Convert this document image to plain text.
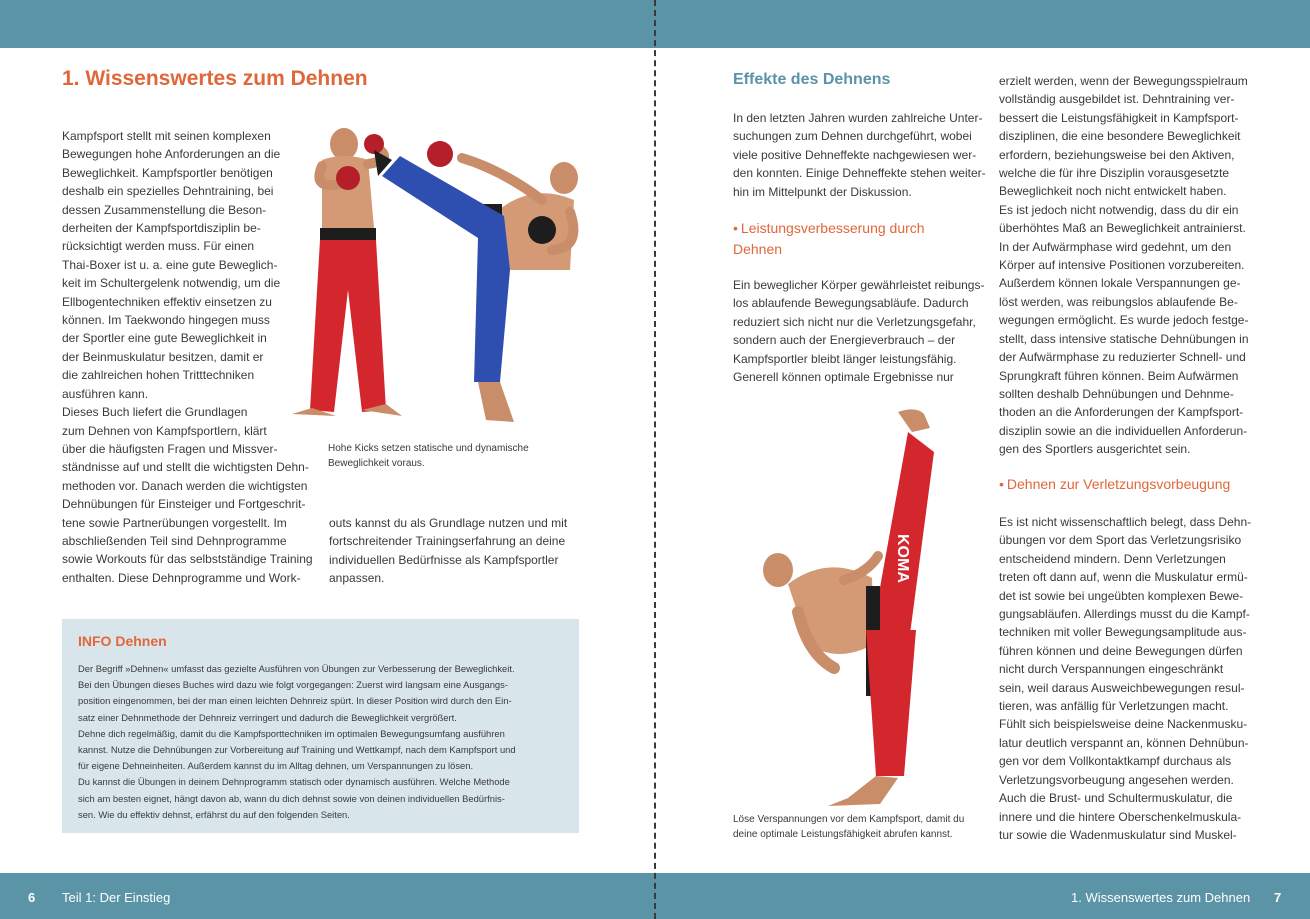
1. Wissenswertes zum Dehnen

Kampfsport stellt mit seinen komplexen

Bewegungen hohe Anforderungen an die

Beweglichkeit. Kampfsportler benötigen

deshalb ein spezielles Dehntraining, bei

dessen Zusammenstellung die Beson-

derheiten der Kampfsportdisziplin be-

rücksichtigt werden muss. Für einen

Thai-Boxer ist u. a. eine gute Beweglich-

keit im Schultergelenk notwendig, um die

Ellbogentechniken effektiv einsetzen zu

können. Im Taekwondo hingegen muss

der Sportler eine gute Beweglichkeit in

der Beinmuskulatur besitzen, damit er

die zahlreichen hohen Tritttechniken

ausführen kann.

Dieses Buch liefert die Grundlagen

zum Dehnen von Kampfsportlern, klärt

über die häufigsten Fragen und Missver-

ständnisse auf und stellt die wichtigsten Dehn-

methoden vor. Danach werden die wichtigsten

Dehnübungen für Einsteiger und Fortgeschrit-

tene sowie Partnerübungen vorgestellt. Im

abschließenden Teil sind Dehnprogramme

sowie Workouts für das selbstständige Training

enthalten. Diese Dehnprogramme und Work-

Hohe Kicks setzen statische und dynamische

Beweglichkeit voraus.

outs kannst du als Grundlage nutzen und mit

fortschreitender Trainingserfahrung an deine

individuellen Bedürfnisse als Kampfsportler

anpassen.

INFO Dehnen

Der Begriff »Dehnen« umfasst das gezielte Ausführen von Übungen zur Verbesserung der Beweglichkeit.

Bei den Übungen dieses Buches wird dazu wie folgt vorgegangen: Zuerst wird langsam eine Ausgangs-

position eingenommen, bei der man einen leichten Dehnreiz spürt. In dieser Position wird durch den Ein-

satz einer Dehnmethode der Dehnreiz verringert und dadurch die Beweglichkeit vergrößert.

Dehne dich regelmäßig, damit du die Kampfsporttechniken im optimalen Bewegungsumfang ausführen

kannst. Nutze die Dehnübungen zur Vorbereitung auf Training und Wettkampf, nach dem Kampfsport und

für eigene Dehneinheiten. Außerdem kannst du im Alltag dehnen, um Verspannungen zu lösen.

Du kannst die Übungen in deinem Dehnprogramm statisch oder dynamisch ausführen. Welche Methode

sich am besten eignet, hängt davon ab, wann du dich dehnst sowie von deinen individuellen Bedürfnis-

sen. Wie du effektiv dehnst, erfährst du auf den folgenden Seiten.

6 Teil 1: Der Einstieg
Effekte des Dehnens

In den letzten Jahren wurden zahlreiche Unter-

suchungen zum Dehnen durchgeführt, wobei

viele positive Dehneffekte nachgewiesen wer-

den konnten. Einige Dehneffekte stehen weiter-

hin im Mittelpunkt der Diskussion.

• Leistungsverbesserung durch
Dehnen

Ein beweglicher Körper gewährleistet reibungs-

los ablaufende Bewegungsabläufe. Dadurch

reduziert sich nicht nur die Verletzungsgefahr,

sondern auch der Energieverbrauch – der

Kampfsportler bleibt länger leistungsfähig.

Generell können optimale Ergebnisse nur

KOMA

Löse Verspannungen vor dem Kampfsport, damit du

deine optimale Leistungsfähigkeit abrufen kannst.

erzielt werden, wenn der Bewegungsspielraum

vollständig ausgebildet ist. Dehntraining ver-

bessert die Leistungsfähigkeit in Kampfsport-

disziplinen, die eine besondere Beweglichkeit

erfordern, beziehungsweise bei den Aktiven,

welche die für ihre Disziplin vorausgesetzte

Beweglichkeit noch nicht entwickelt haben.

Es ist jedoch nicht notwendig, dass du dir ein

überhöhtes Maß an Beweglichkeit antrainierst.

In der Aufwärmphase wird gedehnt, um den

Körper auf intensive Positionen vorzubereiten.

Außerdem können lokale Verspannungen ge-

löst werden, was reibungslos ablaufende Be-

wegungen ermöglicht. Es wurde jedoch festge-

stellt, dass intensive statische Dehnübungen in

der Aufwärmphase zu reduzierter Schnell- und

Sprungkraft führen können. Beim Aufwärmen

sollten deshalb Dehnübungen und Dehnme-

thoden an die Anforderungen der Kampfsport-

disziplin sowie an die individuellen Anforderun-

gen des Sportlers ausgerichtet sein.

• Dehnen zur Verletzungsvorbeugung

Es ist nicht wissenschaftlich belegt, dass Dehn-

übungen vor dem Sport das Verletzungsrisiko

entscheidend mindern. Denn Verletzungen

treten oft dann auf, wenn die Muskulatur ermü-

det ist sowie bei ungeübten komplexen Bewe-

gungsabläufen. Allerdings musst du die Kampf-

techniken mit voller Bewegungsamplitude aus-

führen können und deine Bewegungen dürfen

nicht durch Verspannungen eingeschränkt

sein, weil daraus Ausweichbewegungen resul-

tieren, was anfällig für Verletzungen macht.

Fühlt sich beispielsweise deine Nackenmusku-

latur deutlich verspannt an, können Dehnübun-

gen vor dem Vollkontaktkampf durchaus als

Verletzungsvorbeugung angesehen werden.

Auch die Brust- und Schultermuskulatur, die

innere und die hintere Oberschenkelmuskula-

tur sowie die Wadenmuskulatur sind Muskel-

1. Wissenswertes zum Dehnen 7
